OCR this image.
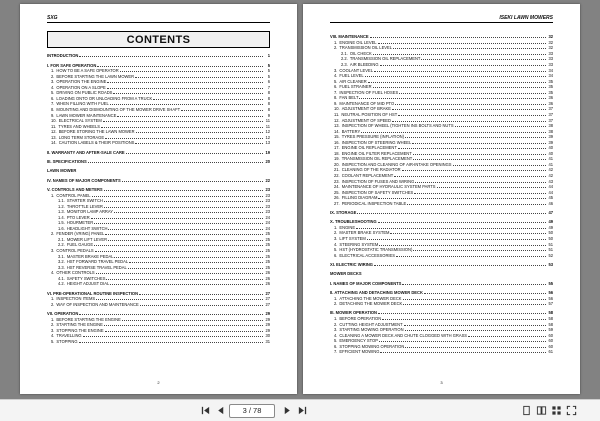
SXG
CONTENTS
INTRODUCTION	1
I. FOR SAFE OPERATION	5
1. HOW TO BE A SAFE OPERATOR	5
2. BEFORE STARTING THE LAWN MOWER	5
3. OPERATION THE ENGINE	6
4. OPERATION ON A SLOPE	7
5. DRIVING ON PUBLIC ROADS	8
6. LOADING ONTO OR UNLOADING FROM A TRUCK	8
7. WHEN FILLING WITH FUEL	8
8. MOUNTING AND DISMOUNTING OF THE MOWER DRIVE SHAFT	8
9. LAWN MOWER MAINTENANCE	9
10. ELECTRICAL SYSTEM	11
11. TYRES AND WHEELS	11
12. BEFORE STORING THE LAWN MOWER	12
13. LONG TERM STORAGE	12
14. CAUTION LABELS & THEIR POSITIONS	13
II. WARRANTY AND AFTER-SALE CARE	19
III. SPECIFICATIONS	20
LAWN MOWER
IV. NAMES OF MAJOR COMPONENTS	22
V. CONTROLS AND METERS	23
1. CONTROL PANEL	23
1.1. STARTER SWITCH	23
1.2. THROTTLE LEVER	23
1.3. MONITOR LAMP ARRAY	23
1.4. PTO LEVER	24
1.5. HOURMETER	24
1.6. HEADLIGHT SWITCH	24
2. FENDER (VRING) PANEL	25
2.1. MOWER LIFT LEVER	25
2.2. FUEL GAUGE	25
3. CONTROL PEDALS	25
3.1. MASTER BRAKE PEDAL	25
3.2. HST FORWARD TRAVEL PEDAL	25
3.3. HST REVERSE TRAVEL PEDAL	25
4. OTHER CONTROLS	26
4.1. SAFETY SWITCHES	26
4.2. HEIGHT ADJUST DIAL	26
VI. PRE-OPERATIONAL ROUTINE INSPECTION	27
1. INSPECTION ITEMS	27
2. WAY OF INSPECTION AND MAINTENANCE	27
VII. OPERATION	29
1. BEFORE STARTING THE ENGINE	29
2. STARTING THE ENGINE	29
3. STOPPING THE ENGINE	29
4. TRAVELLING	30
5. STOPPING	31
2
ISEKI LAWN MOWERS
VIII. MAINTENANCE	32
1. ENGINE OIL LEVEL	32
2. TRANSMISSION OIL LEVEL	32
2.1. OIL CHECK	33
2.2. TRANSMISSION OIL REPLACEMENT	33
2.3. AIR BLEEDING	33
3. COOLANT LEVEL	34
4. FUEL LEVEL	34
5. AIR CLEANER	35
6. FUEL STRAINER	35
7. INSPECTION OF FUEL HOSES	35
8. FAN BELT	36
9. MAINTENANCE OF MID PTO	36
10. ADJUSTMENT OF BRAKE	37
11. NEUTRAL POSITION OF HST	37
12. ADJUSTMENT OF SPEED	37
13. INSPECTION OF WHEEL (TIGHTEN INS BOLTS AND NUTS	38
14. BATTERY	38
15. TYRES PRESSURE (INFLATION)	39
16. INSPECTION OF STEERING WHEEL	39
17. ENGINE OIL REPLACEMENT	40
18. ENGINE OIL FILTER REPLACEMENT	40
19. TRANSMISSION OIL REPLACEMENT	41
20. INSPECTION AND CLEANING OF AIR-INTAKE OPENINGS	41
21. CLEANING OF THE RADIATOR	42
22. COOLANT REPLACEMENT	42
23. INSPECTION OF FUSES AND WIRING	43
24. MAINTENANCE OF HYDRAULIC SYSTEM PARTS	44
25. INSPECTION OF SAFETY SWITCHES	44
26. FILLING DIAGRAM	45
27. PERIODICAL INSPECTION TABLE	46
IX. STORAGE	47
X. TROUBLESHOOTING	49
1. ENGINE	49
2. MASTER BRAKE SYSTEM	50
3. LIFT SYSTEM	50
4. STEERING SYSTEM	51
5. HST (HYDROSTATIC TRANSMISSION)	51
6. ELECTRICAL ACCESSORIES	52
XI. ELECTRIC WIRING	53
MOWER DECKS
I. NAMES OF MAJOR COMPONENTS	55
II. ATTACHING AND DETACHING MOWER DECK	56
1. ATTACHING THE MOWER DECK	56
2. DETACHING THE MOWER DECK	57
III. MOWER OPERATION	58
1. BEFORE OPERATION	58
2. CUTTING HEIGHT ADJUSTMENT	58
3. STARTING MOWING OPERATION	59
4. CLEANING A MOWER DECK AND CHUTE CLOGGED WITH GRASS	60
5. EMERGENCY STOP	60
6. STOPPING MOWING OPERATION	60
7. EFFICIENT MOWING	61
3
3 / 78
